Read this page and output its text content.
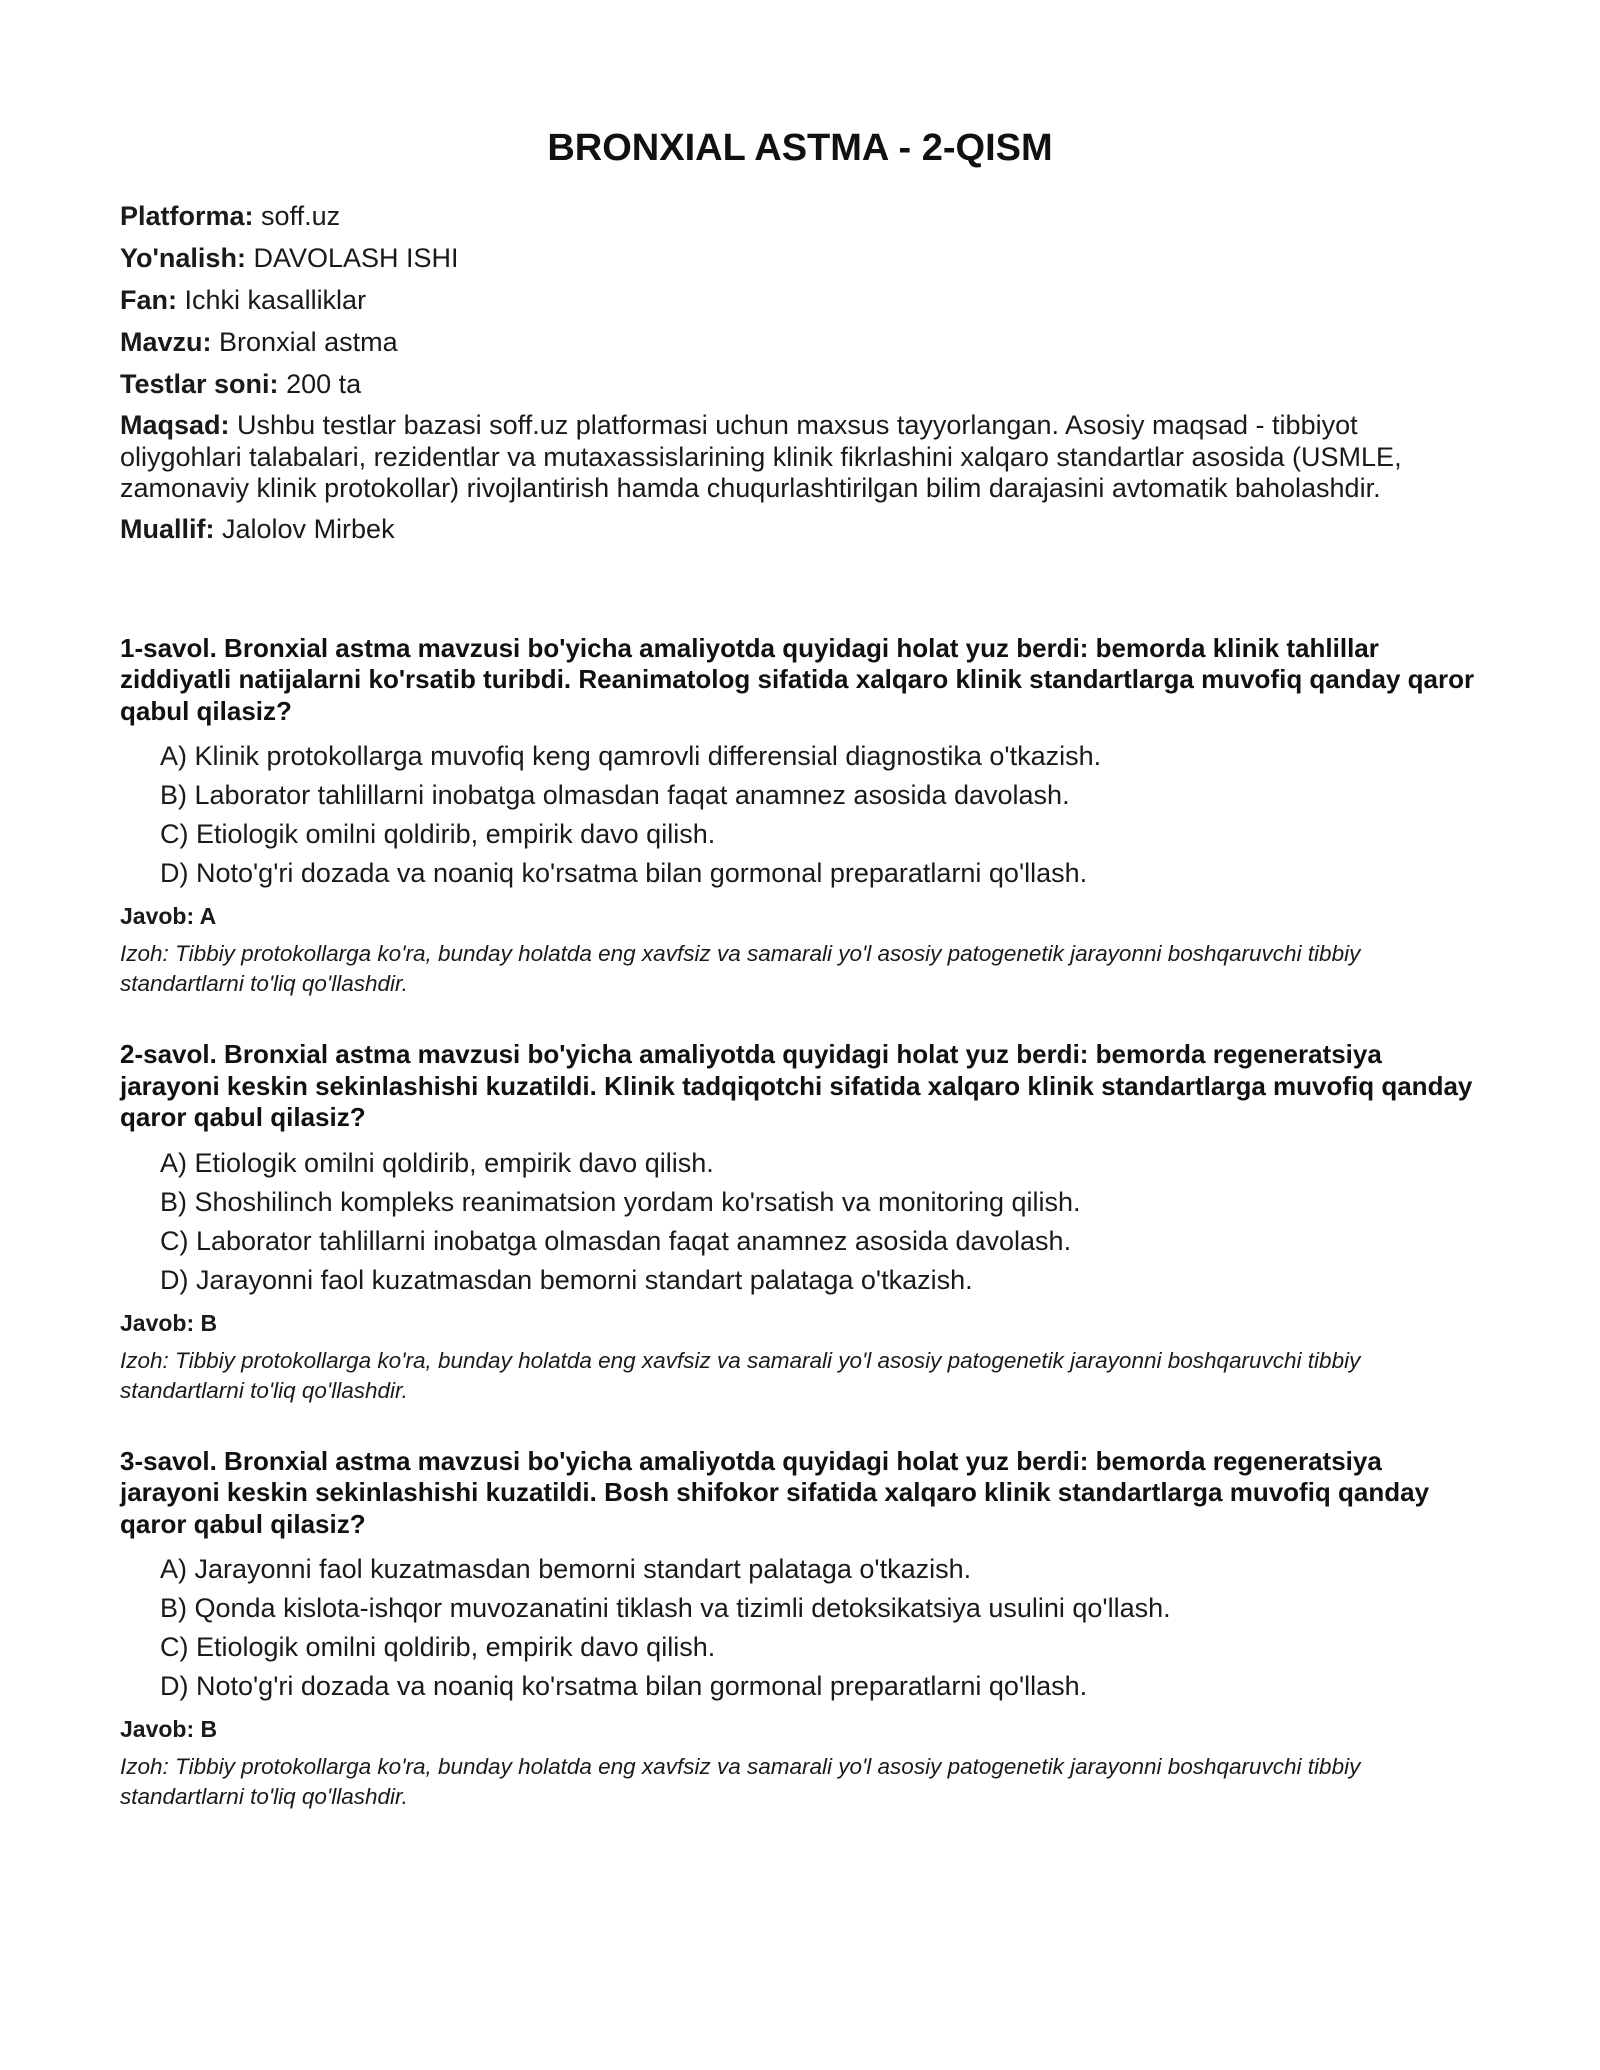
BRONXIAL ASTMA - 2-QISM
Platforma: soff.uz
Yo'nalish: DAVOLASH ISHI
Fan: Ichki kasalliklar
Mavzu: Bronxial astma
Testlar soni: 200 ta
Maqsad: Ushbu testlar bazasi soff.uz platformasi uchun maxsus tayyorlangan. Asosiy maqsad - tibbiyot oliygohlari talabalari, rezidentlar va mutaxassislarining klinik fikrlashini xalqaro standartlar asosida (USMLE, zamonaviy klinik protokollar) rivojlantirish hamda chuqurlashtirilgan bilim darajasini avtomatik baholashdir.
Muallif: Jalolov Mirbek

1-savol. Bronxial astma mavzusi bo'yicha amaliyotda quyidagi holat yuz berdi: bemorda klinik tahlillar ziddiyatli natijalarni ko'rsatib turibdi. Reanimatolog sifatida xalqaro klinik standartlarga muvofiq qanday qaror qabul qilasiz?

A) Klinik protokollarga muvofiq keng qamrovli differensial diagnostika o'tkazish.
B) Laborator tahlillarni inobatga olmasdan faqat anamnez asosida davolash.
C) Etiologik omilni qoldirib, empirik davo qilish.
D) Noto'g'ri dozada va noaniq ko'rsatma bilan gormonal preparatlarni qo'llash.
Javob: A

Izoh: Tibbiy protokollarga ko'ra, bunday holatda eng xavfsiz va samarali yo'l asosiy patogenetik jarayonni boshqaruvchi tibbiy standartlarni to'liq qo'llashdir.

2-savol. Bronxial astma mavzusi bo'yicha amaliyotda quyidagi holat yuz berdi: bemorda regeneratsiya jarayoni keskin sekinlashishi kuzatildi. Klinik tadqiqotchi sifatida xalqaro klinik standartlarga muvofiq qanday qaror qabul qilasiz?

A) Etiologik omilni qoldirib, empirik davo qilish.
B) Shoshilinch kompleks reanimatsion yordam ko'rsatish va monitoring qilish.
C) Laborator tahlillarni inobatga olmasdan faqat anamnez asosida davolash.
D) Jarayonni faol kuzatmasdan bemorni standart palataga o'tkazish.
Javob: B

Izoh: Tibbiy protokollarga ko'ra, bunday holatda eng xavfsiz va samarali yo'l asosiy patogenetik jarayonni boshqaruvchi tibbiy standartlarni to'liq qo'llashdir.

3-savol. Bronxial astma mavzusi bo'yicha amaliyotda quyidagi holat yuz berdi: bemorda regeneratsiya jarayoni keskin sekinlashishi kuzatildi. Bosh shifokor sifatida xalqaro klinik standartlarga muvofiq qanday qaror qabul qilasiz?

A) Jarayonni faol kuzatmasdan bemorni standart palataga o'tkazish.
B) Qonda kislota-ishqor muvozanatini tiklash va tizimli detoksikatsiya usulini qo'llash.
C) Etiologik omilni qoldirib, empirik davo qilish.
D) Noto'g'ri dozada va noaniq ko'rsatma bilan gormonal preparatlarni qo'llash.
Javob: B

Izoh: Tibbiy protokollarga ko'ra, bunday holatda eng xavfsiz va samarali yo'l asosiy patogenetik jarayonni boshqaruvchi tibbiy standartlarni to'liq qo'llashdir.
